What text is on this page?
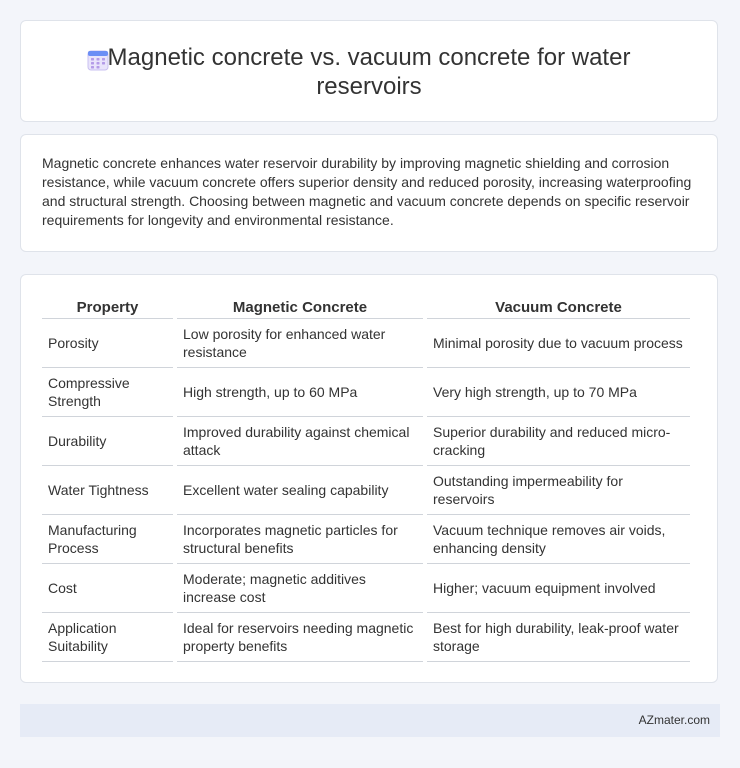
Magnetic concrete vs. vacuum concrete for water reservoirs

Magnetic concrete enhances water reservoir durability by improving magnetic shielding and corrosion resistance, while vacuum concrete offers superior density and reduced porosity, increasing waterproofing and structural strength. Choosing between magnetic and vacuum concrete depends on specific reservoir requirements for longevity and environmental resistance.

Property	Magnetic Concrete	Vacuum Concrete
Porosity	Low porosity for enhanced water resistance	Minimal porosity due to vacuum process
Compressive Strength	High strength, up to 60 MPa	Very high strength, up to 70 MPa
Durability	Improved durability against chemical attack	Superior durability and reduced micro-cracking
Water Tightness	Excellent water sealing capability	Outstanding impermeability for reservoirs
Manufacturing Process	Incorporates magnetic particles for structural benefits	Vacuum technique removes air voids, enhancing density
Cost	Moderate; magnetic additives increase cost	Higher; vacuum equipment involved
Application Suitability	Ideal for reservoirs needing magnetic property benefits	Best for high durability, leak-proof water storage
AZmater.com
